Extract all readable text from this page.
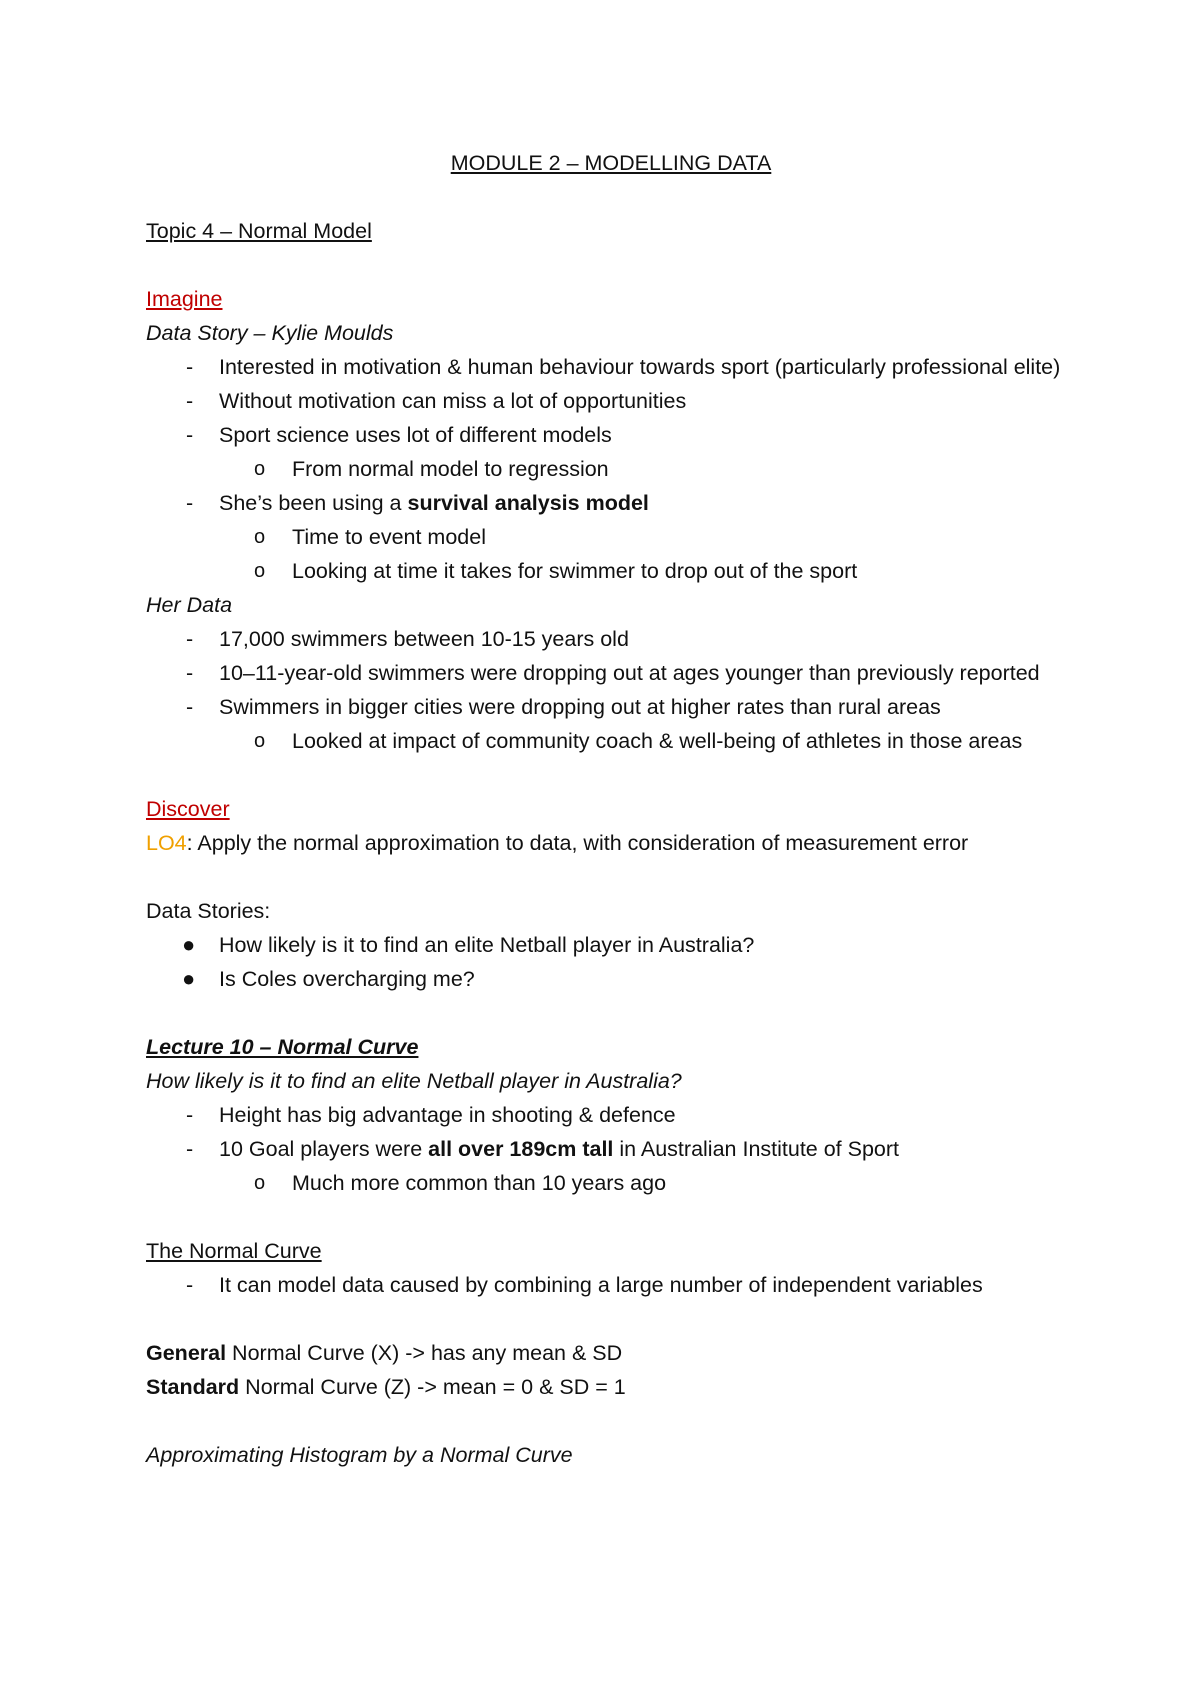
MODULE 2 – MODELLING DATA
Topic 4 – Normal Model
Imagine
Data Story – Kylie Moulds
- Interested in motivation & human behaviour towards sport (particularly professional elite)
- Without motivation can miss a lot of opportunities
- Sport science uses lot of different models
o From normal model to regression
- She’s been using a survival analysis model
o Time to event model
o Looking at time it takes for swimmer to drop out of the sport
Her Data
- 17,000 swimmers between 10-15 years old
- 10–11-year-old swimmers were dropping out at ages younger than previously reported
- Swimmers in bigger cities were dropping out at higher rates than rural areas
o Looked at impact of community coach & well-being of athletes in those areas
Discover
LO4: Apply the normal approximation to data, with consideration of measurement error
Data Stories:
● How likely is it to find an elite Netball player in Australia?
● Is Coles overcharging me?
Lecture 10 – Normal Curve
How likely is it to find an elite Netball player in Australia?
- Height has big advantage in shooting & defence
- 10 Goal players were all over 189cm tall in Australian Institute of Sport
o Much more common than 10 years ago
The Normal Curve
- It can model data caused by combining a large number of independent variables
General Normal Curve (X) -> has any mean & SD
Standard Normal Curve (Z) -> mean = 0 & SD = 1
Approximating Histogram by a Normal Curve
